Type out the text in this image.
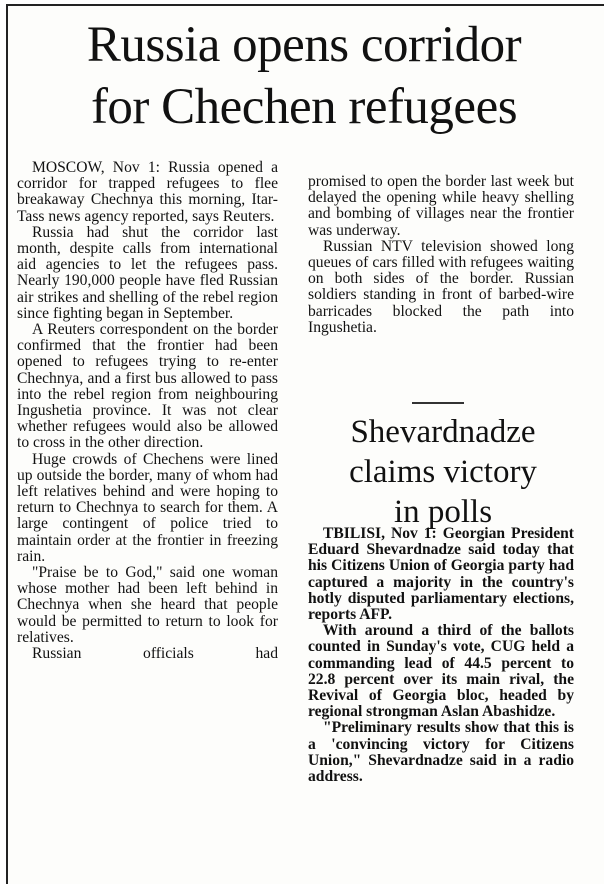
Russia opens corridor
for Chechen refugees

MOSCOW, Nov 1: Russia opened a corridor for trapped refugees to flee breakaway Chechnya this morning, Itar-Tass news agency reported, says Reuters.

Russia had shut the corridor last month, despite calls from international aid agencies to let the refugees pass. Nearly 190,000 people have fled Russian air strikes and shelling of the rebel region since fighting began in September.

A Reuters correspondent on the border confirmed that the frontier had been opened to refugees trying to re-enter Chechnya, and a first bus allowed to pass into the rebel region from neighbouring Ingushetia province. It was not clear whether refugees would also be allowed to cross in the other direction.

Huge crowds of Chechens were lined up outside the border, many of whom had left relatives behind and were hoping to return to Chechnya to search for them. A large contingent of police tried to maintain order at the frontier in freezing rain.

"Praise be to God," said one woman whose mother had been left behind in Chechnya when she heard that people would be permitted to return to look for relatives.

Russian officials had

promised to open the border last week but delayed the opening while heavy shelling and bombing of villages near the frontier was underway.

Russian NTV television showed long queues of cars filled with refugees waiting on both sides of the border. Russian soldiers standing in front of barbed-wire barricades blocked the path into Ingushetia.

Shevardnadze
claims victory
in polls

TBILISI, Nov 1: Georgian President Eduard Shevardnadze said today that his Citizens Union of Georgia party had captured a majority in the country's hotly disputed parliamentary elections, reports AFP.

With around a third of the ballots counted in Sunday's vote, CUG held a commanding lead of 44.5 percent to 22.8 percent over its main rival, the Revival of Georgia bloc, headed by regional strongman Aslan Abashidze.

"Preliminary results show that this is a 'convincing victory for Citizens Union," Shevardnadze said in a radio address.
